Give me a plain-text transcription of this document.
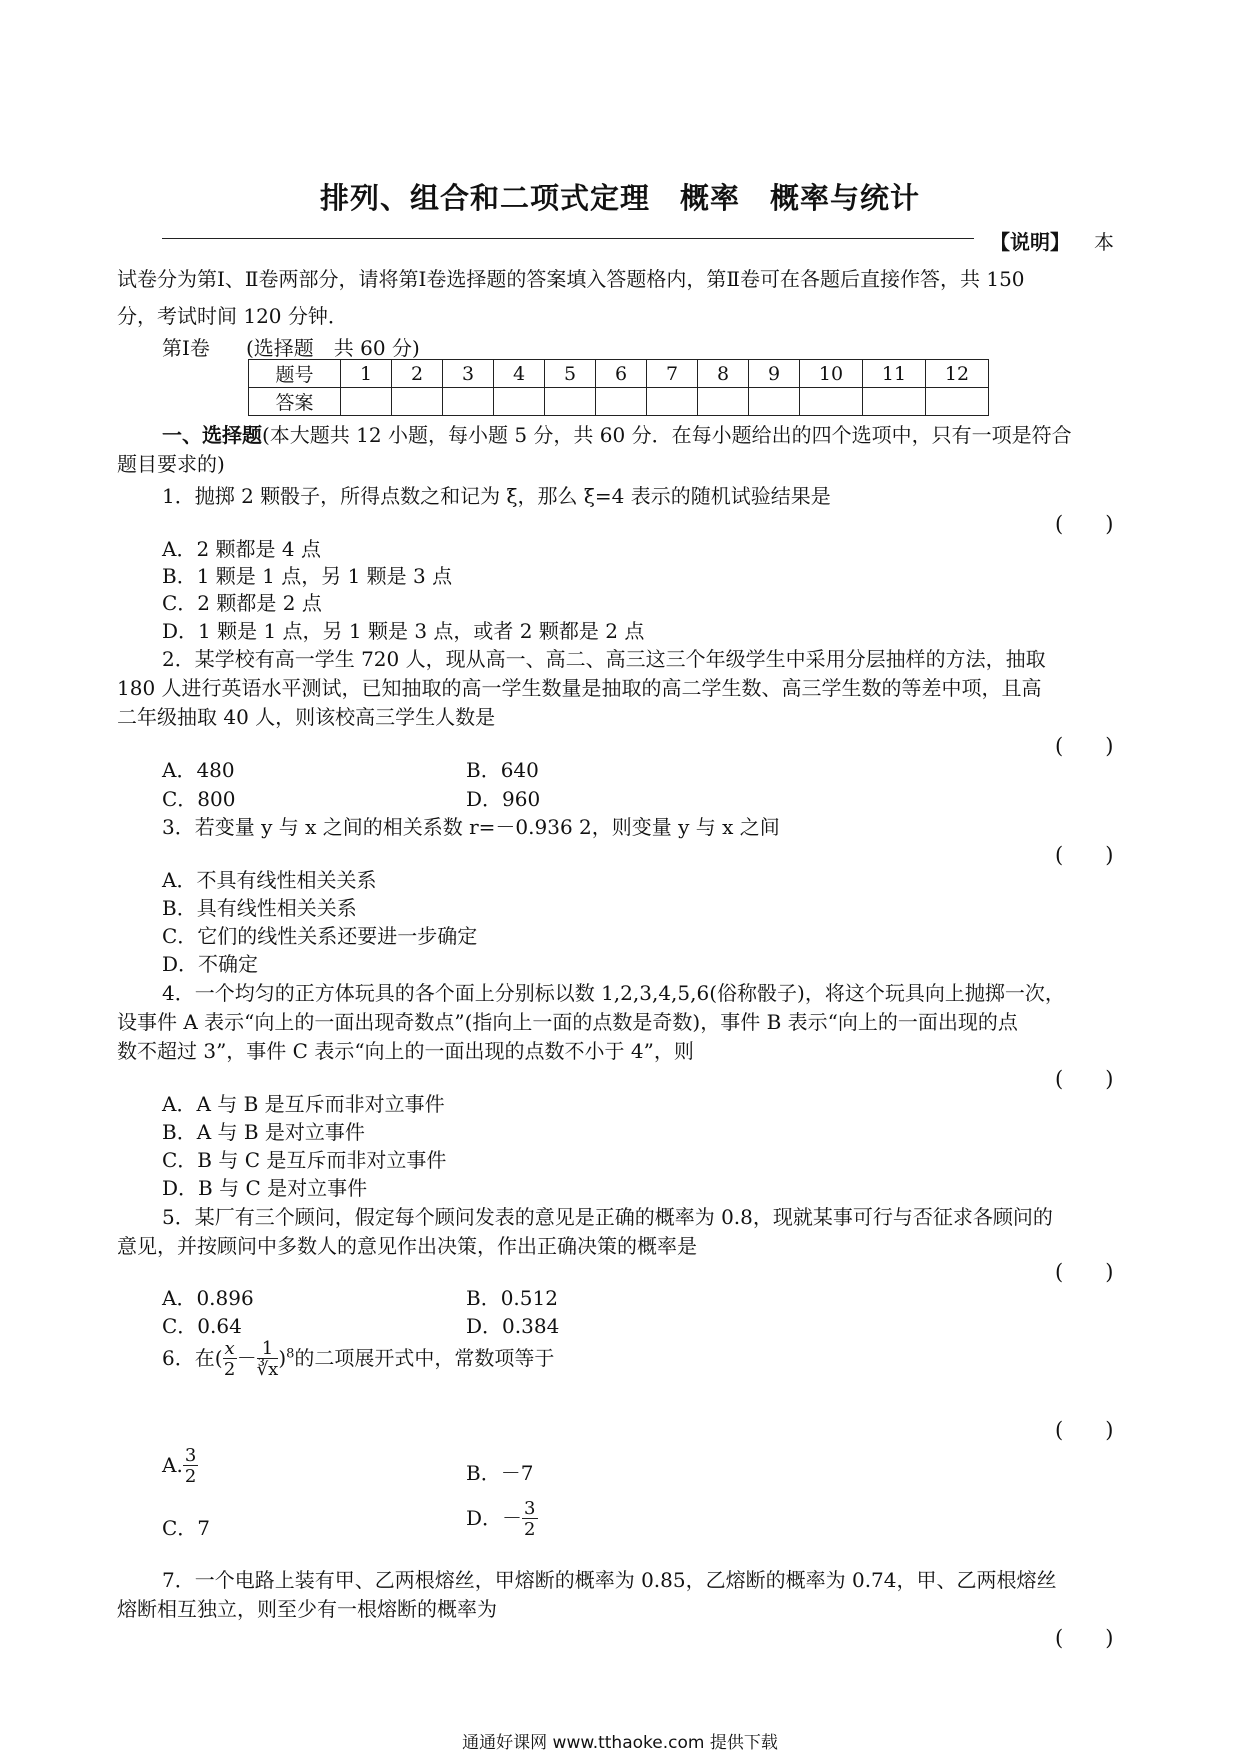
排列、组合和二项式定理　概率　概率与统计
【说明】 本
试卷分为第Ⅰ、Ⅱ卷两部分，请将第Ⅰ卷选择题的答案填入答题格内，第Ⅱ卷可在各题后直接作答，共 150
分，考试时间 120 分钟．
第Ⅰ卷 (选择题　共 60 分)
题号	1	2	3	4	5	6	7	8	9	10	11	12
答案												
一、选择题(本大题共 12 小题，每小题 5 分，共 60 分．在每小题给出的四个选项中，只有一项是符合
题目要求的)
1．抛掷 2 颗骰子，所得点数之和记为 ξ，那么 ξ=4 表示的随机试验结果是
(　　)
A．2 颗都是 4 点
B．1 颗是 1 点，另 1 颗是 3 点
C．2 颗都是 2 点
D．1 颗是 1 点，另 1 颗是 3 点，或者 2 颗都是 2 点
2．某学校有高一学生 720 人，现从高一、高二、高三这三个年级学生中采用分层抽样的方法，抽取
180 人进行英语水平测试，已知抽取的高一学生数量是抽取的高二学生数、高三学生数的等差中项，且高
二年级抽取 40 人，则该校高三学生人数是
(　　)
A．480	B．640
C．800	D．960
3．若变量 y 与 x 之间的相关系数 r=－0.936 2，则变量 y 与 x 之间
(　　)
A．不具有线性相关关系
B．具有线性相关关系
C．它们的线性关系还要进一步确定
D．不确定
4．一个均匀的正方体玩具的各个面上分别标以数 1,2,3,4,5,6(俗称骰子)，将这个玩具向上抛掷一次，
设事件 A 表示“向上的一面出现奇数点”(指向上一面的点数是奇数)，事件 B 表示“向上的一面出现的点
数不超过 3”，事件 C 表示“向上的一面出现的点数不小于 4”，则
(　　)
A．A 与 B 是互斥而非对立事件
B．A 与 B 是对立事件
C．B 与 C 是互斥而非对立事件
D．B 与 C 是对立事件
5．某厂有三个顾问，假定每个顾问发表的意见是正确的概率为 0.8，现就某事可行与否征求各顾问的
意见，并按顾问中多数人的意见作出决策，作出正确决策的概率是
(　　)
A．0.896	B．0.512
C．0.64	D．0.384
6．在( $\frac{x}{2} - \frac{1}{∛x} )^8$的二项展开式中，常数项等于
(　　)
A. $\frac{3}{2}$	B．－7
C．7	D．－ $\frac{3}{2}$
7．一个电路上装有甲、乙两根熔丝，甲熔断的概率为 0.85，乙熔断的概率为 0.74，甲、乙两根熔丝
熔断相互独立，则至少有一根熔断的概率为
(　　)
通通好课网 www.tthaoke.com 提供下载
